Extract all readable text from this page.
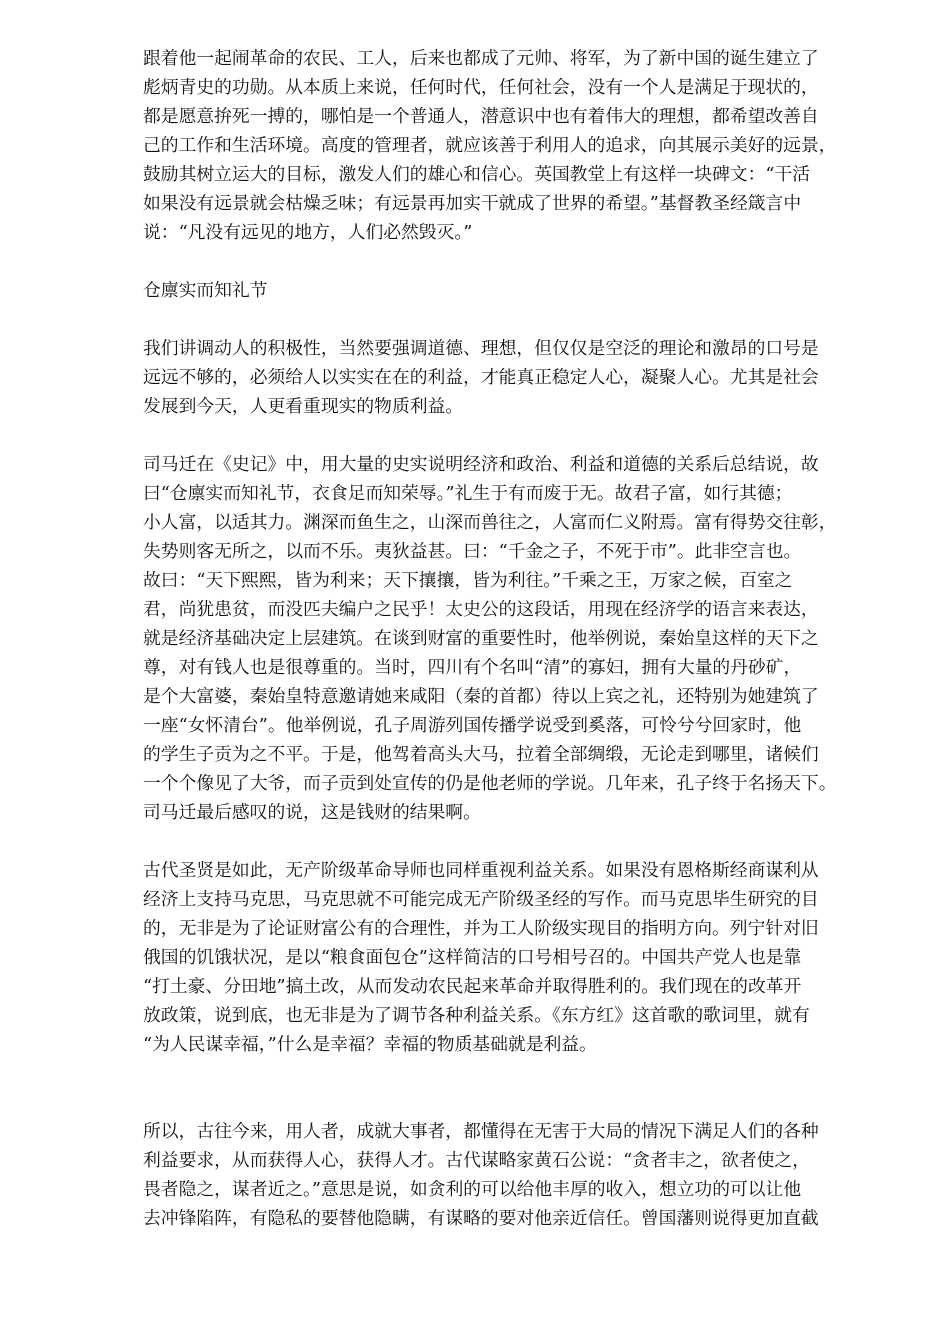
跟着他一起闹革命的农民、工人，后来也都成了元帅、将军，为了新中国的诞生建立了
彪炳青史的功勋。从本质上来说，任何时代，任何社会，没有一个人是满足于现状的，
都是愿意拚死一搏的，哪怕是一个普通人，潜意识中也有着伟大的理想，都希望改善自
己的工作和生活环境。高度的管理者，就应该善于利用人的追求，向其展示美好的远景，
鼓励其树立运大的目标，激发人们的雄心和信心。英国教堂上有这样一块碑文：“干活
如果没有远景就会枯燥乏味；有远景再加实干就成了世界的希望。”基督教圣经箴言中
说：“凡没有远见的地方，人们必然毁灭。”

仓廪实而知礼节

我们讲调动人的积极性，当然要强调道德、理想，但仅仅是空泛的理论和激昂的口号是
远远不够的，必须给人以实实在在的利益，才能真正稳定人心，凝聚人心。尤其是社会
发展到今天，人更看重现实的物质利益。

司马迁在《史记》中，用大量的史实说明经济和政治、利益和道德的关系后总结说，故
曰“仓廪实而知礼节，衣食足而知荣辱。”礼生于有而废于无。故君子富，如行其德；
小人富，以适其力。渊深而鱼生之，山深而兽往之，人富而仁义附焉。富有得势交往彰，
失势则客无所之，以而不乐。夷狄益甚。曰：“千金之子，不死于市”。此非空言也。
故曰：“天下熙熙，皆为利来；天下攘攘，皆为利往。”千乘之王，万家之候，百室之
君，尚犹患贫，而没匹夫编户之民乎！太史公的这段话，用现在经济学的语言来表达，
就是经济基础决定上层建筑。在谈到财富的重要性时，他举例说，秦始皇这样的天下之
尊，对有钱人也是很尊重的。当时，四川有个名叫“清”的寡妇，拥有大量的丹砂矿，
是个大富婆，秦始皇特意邀请她来咸阳（秦的首都）待以上宾之礼，还特别为她建筑了
一座“女怀清台”。他举例说，孔子周游列国传播学说受到奚落，可怜兮兮回家时，他
的学生子贡为之不平。于是，他驾着高头大马，拉着全部绸缎，无论走到哪里，诸候们
一个个像见了大爷，而子贡到处宣传的仍是他老师的学说。几年来，孔子终于名扬天下。
司马迁最后感叹的说，这是钱财的结果啊。

古代圣贤是如此，无产阶级革命导师也同样重视利益关系。如果没有恩格斯经商谋利从
经济上支持马克思，马克思就不可能完成无产阶级圣经的写作。而马克思毕生研究的目
的，无非是为了论证财富公有的合理性，并为工人阶级实现目的指明方向。列宁针对旧
俄国的饥饿状况，是以“粮食面包仓”这样简洁的口号相号召的。中国共产党人也是靠
“打土豪、分田地”搞土改，从而发动农民起来革命并取得胜利的。我们现在的改革开
放政策，说到底，也无非是为了调节各种利益关系。《东方红》这首歌的歌词里，就有
“为人民谋幸福，”什么是幸福？幸福的物质基础就是利益。

所以，古往今来，用人者，成就大事者，都懂得在无害于大局的情况下满足人们的各种
利益要求，从而获得人心，获得人才。古代谋略家黄石公说：“贪者丰之，欲者使之，
畏者隐之，谋者近之。”意思是说，如贪利的可以给他丰厚的收入，想立功的可以让他
去冲锋陷阵，有隐私的要替他隐瞒，有谋略的要对他亲近信任。曾国藩则说得更加直截
